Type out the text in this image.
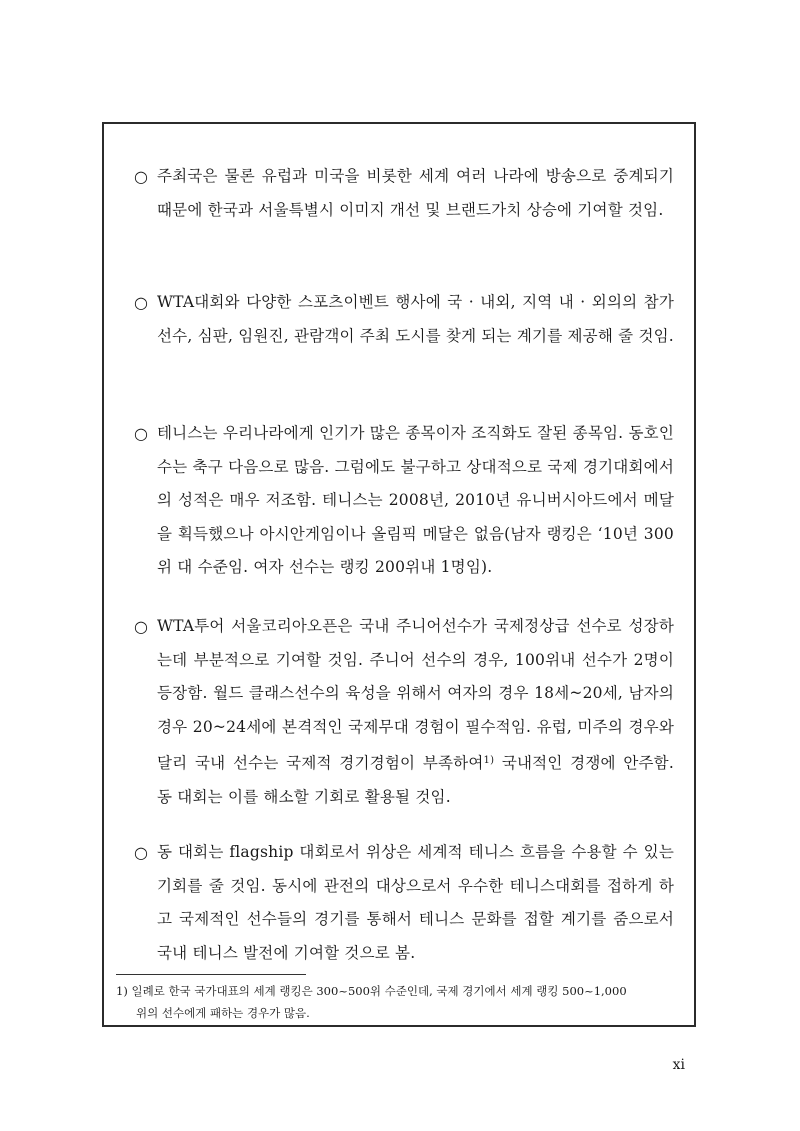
○ 주최국은 물론 유럽과 미국을 비롯한 세계 여러 나라에 방송으로 중계되기 때문에 한국과 서울특별시 이미지 개선 및 브랜드가치 상승에 기여할 것임.
○ WTA대회와 다양한 스포츠이벤트 행사에 국 · 내외, 지역 내 · 외의의 참가 선수, 심판, 임원진, 관람객이 주최 도시를 찾게 되는 계기를 제공해 줄 것임.
○ 테니스는 우리나라에게 인기가 많은 종목이자 조직화도 잘된 종목임. 동호인수는 축구 다음으로 많음. 그럼에도 불구하고 상대적으로 국제 경기대회에서의 성적은 매우 저조함. 테니스는 2008년, 2010년 유니버시아드에서 메달을 획득했으나 아시안게임이나 올림픽 메달은 없음(남자 랭킹은 ‘10년 300위 대 수준임. 여자 선수는 랭킹 200위내 1명임).
○ WTA투어 서울코리아오픈은 국내 주니어선수가 국제정상급 선수로 성장하는데 부분적으로 기여할 것임. 주니어 선수의 경우, 100위내 선수가 2명이 등장함. 월드 클래스선수의 육성을 위해서 여자의 경우 18세~20세, 남자의 경우 20~24세에 본격적인 국제무대 경험이 필수적임. 유럽, 미주의 경우와 달리 국내 선수는 국제적 경기경험이 부족하여$^{1)}$ 국내적인 경쟁에 안주함. 동 대회는 이를 해소할 기회로 활용될 것임.
○ 동 대회는 flagship 대회로서 위상은 세계적 테니스 흐름을 수용할 수 있는 기회를 줄 것임. 동시에 관전의 대상으로서 우수한 테니스대회를 접하게 하고 국제적인 선수들의 경기를 통해서 테니스 문화를 접할 계기를 줌으로서 국내 테니스 발전에 기여할 것으로 봄.
1) 일례로 한국 국가대표의 세계 랭킹은 300~500위 수준인데, 국제 경기에서 세계 랭킹 500~1,000
위의 선수에게 패하는 경우가 많음.
xi
